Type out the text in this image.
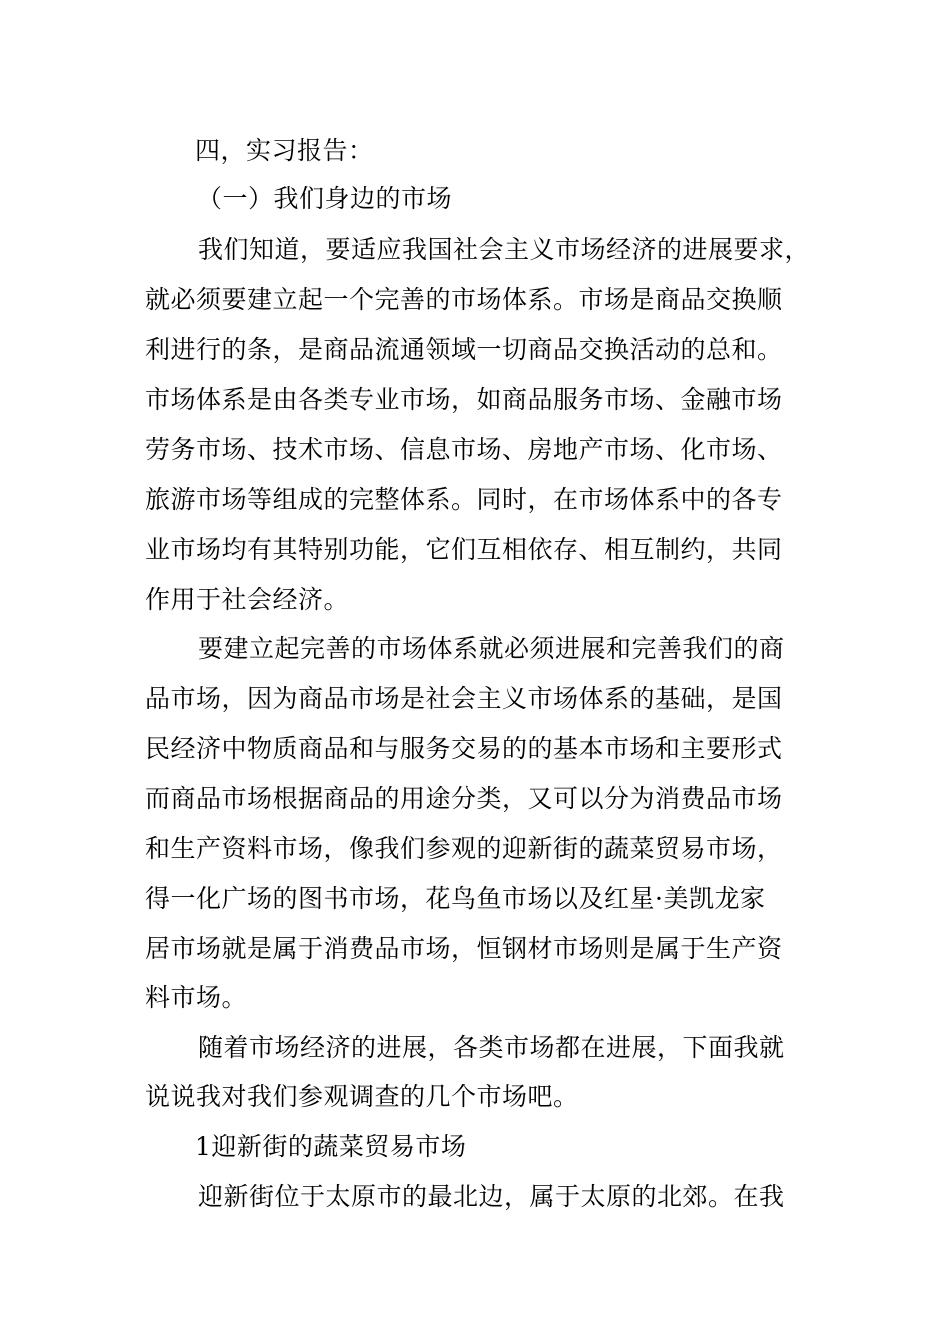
四，实习报告：
（一）我们身边的市场
我们知道，要适应我国社会主义市场经济的进展要求，
就必须要建立起一个完善的市场体系。市场是商品交换顺
利进行的条，是商品流通领域一切商品交换活动的总和。
市场体系是由各类专业市场，如商品服务市场、金融市场
劳务市场、技术市场、信息市场、房地产市场、化市场、
旅游市场等组成的完整体系。同时，在市场体系中的各专
业市场均有其特别功能，它们互相依存、相互制约，共同
作用于社会经济。
要建立起完善的市场体系就必须进展和完善我们的商
品市场，因为商品市场是社会主义市场体系的基础，是国
民经济中物质商品和与服务交易的的基本市场和主要形式
而商品市场根据商品的用途分类，又可以分为消费品市场
和生产资料市场，像我们参观的迎新街的蔬菜贸易市场，
得一化广场的图书市场，花鸟鱼市场以及红星·美凯龙家
居市场就是属于消费品市场，恒钢材市场则是属于生产资
料市场。
随着市场经济的进展，各类市场都在进展，下面我就
说说我对我们参观调查的几个市场吧。
1迎新街的蔬菜贸易市场
迎新街位于太原市的最北边，属于太原的北郊。在我
